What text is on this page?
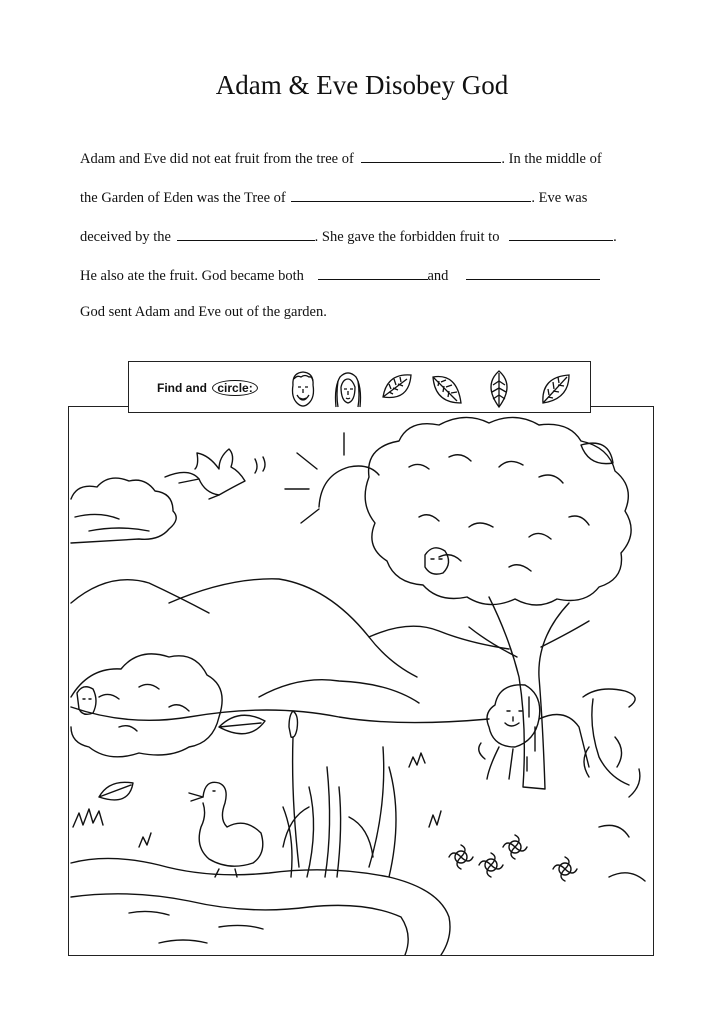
Adam & Eve Disobey God
Adam and Eve did not eat fruit from the tree of	. In the middle of
the Garden of Eden was the Tree of	. Eve was
deceived by the	. She gave the forbidden fruit to	.
He also ate the fruit. God became both	and
God sent Adam and Eve out of the garden.
Find and circle:
